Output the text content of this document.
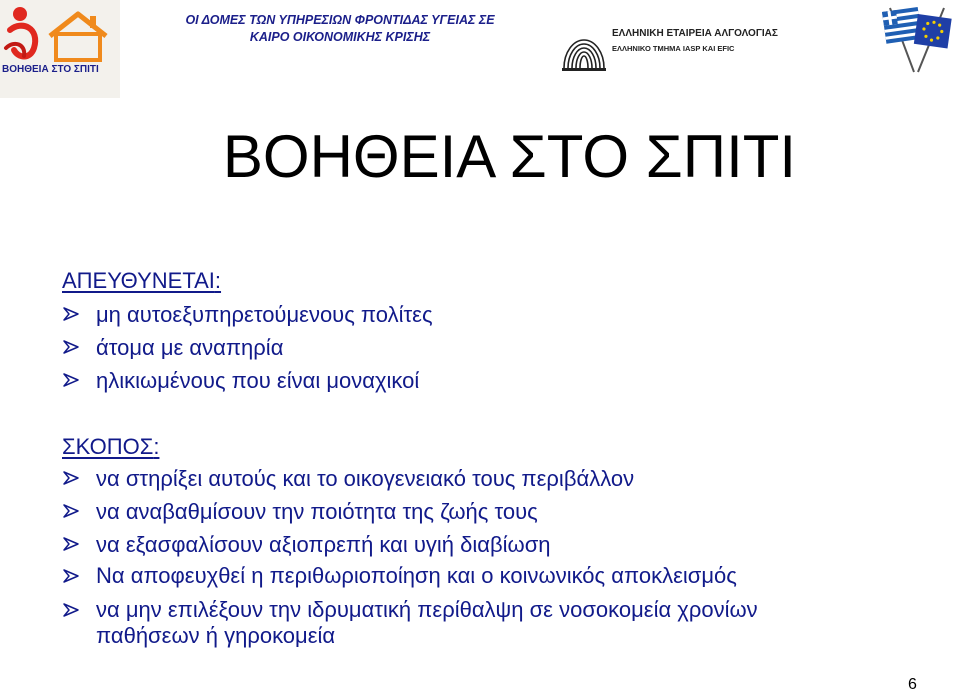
ΒΟΗΘΕΙΑ ΣΤΟ ΣΠΙΤΙ
ΟΙ ΔΟΜΕΣ ΤΩΝ ΥΠΗΡΕΣΙΩΝ ΦΡΟΝΤΙΔΑΣ ΥΓΕΙΑΣ ΣΕ
ΚΑΙΡΟ ΟΙΚΟΝΟΜΙΚΗΣ ΚΡΙΣΗΣ	ΕΛΛΗΝΙΚΗ ΕΤΑΙΡΕΙΑ ΑΛΓΟΛΟΓΙΑΣ
ΕΛΛΗΝΙΚΟ ΤΜΗΜΑ IASP ΚΑΙ EFIC
ΒΟΗΘΕΙΑ ΣΤΟ ΣΠΙΤΙ
ΑΠΕΥΘΥΝΕΤΑΙ:
μη αυτοεξυπηρετούμενους πολίτες
άτομα με αναπηρία
ηλικιωμένους που είναι μοναχικοί
ΣΚΟΠΟΣ:
να στηρίξει αυτούς και το οικογενειακό τους περιβάλλον
να αναβαθμίσουν την ποιότητα της ζωής τους
να εξασφαλίσουν αξιοπρεπή και υγιή διαβίωση
Να αποφευχθεί η περιθωριοποίηση και ο κοινωνικός αποκλεισμός
να μην επιλέξουν την ιδρυματική περίθαλψη σε νοσοκομεία χρονίων παθήσεων ή γηροκομεία
6
